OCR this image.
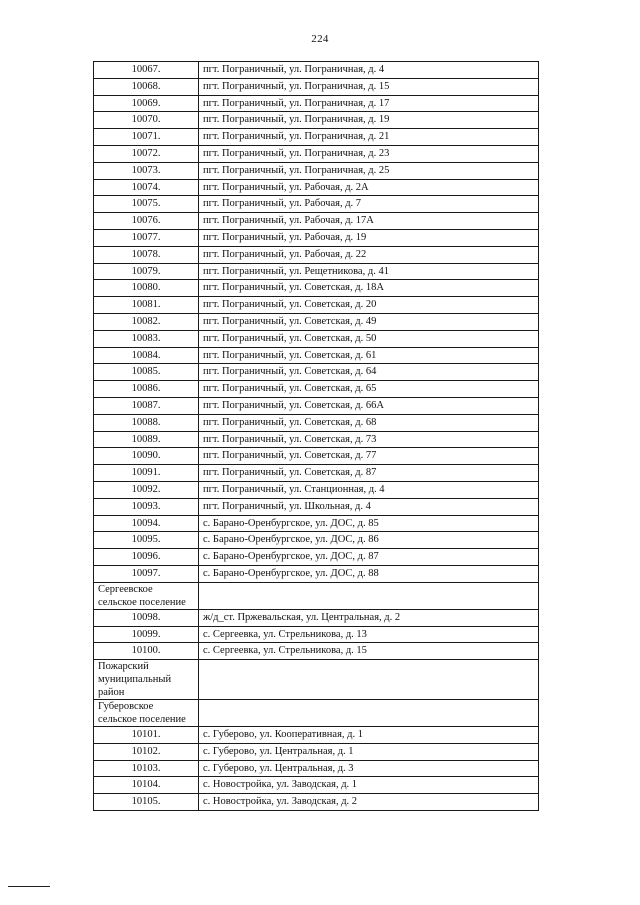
224
10067.	пгт. Пограничный, ул. Пограничная, д. 4
10068.	пгт. Пограничный, ул. Пограничная, д. 15
10069.	пгт. Пограничный, ул. Пограничная, д. 17
10070.	пгт. Пограничный, ул. Пограничная, д. 19
10071.	пгт. Пограничный, ул. Пограничная, д. 21
10072.	пгт. Пограничный, ул. Пограничная, д. 23
10073.	пгт. Пограничный, ул. Пограничная, д. 25
10074.	пгт. Пограничный, ул. Рабочая, д. 2А
10075.	пгт. Пограничный, ул. Рабочая, д. 7
10076.	пгт. Пограничный, ул. Рабочая, д. 17А
10077.	пгт. Пограничный, ул. Рабочая, д. 19
10078.	пгт. Пограничный, ул. Рабочая, д. 22
10079.	пгт. Пограничный, ул. Рещетникова, д. 41
10080.	пгт. Пограничный, ул. Советская, д. 18А
10081.	пгт. Пограничный, ул. Советская, д. 20
10082.	пгт. Пограничный, ул. Советская, д. 49
10083.	пгт. Пограничный, ул. Советская, д. 50
10084.	пгт. Пограничный, ул. Советская, д. 61
10085.	пгт. Пограничный, ул. Советская, д. 64
10086.	пгт. Пограничный, ул. Советская, д. 65
10087.	пгт. Пограничный, ул. Советская, д. 66А
10088.	пгт. Пограничный, ул. Советская, д. 68
10089.	пгт. Пограничный, ул. Советская, д. 73
10090.	пгт. Пограничный, ул. Советская, д. 77
10091.	пгт. Пограничный, ул. Советская, д. 87
10092.	пгт. Пограничный, ул. Станционная, д. 4
10093.	пгт. Пограничный, ул. Школьная, д. 4
10094.	с. Барано-Оренбургское, ул. ДОС, д. 85
10095.	с. Барано-Оренбургское, ул. ДОС, д. 86
10096.	с. Барано-Оренбургское, ул. ДОС, д. 87
10097.	с. Барано-Оренбургское, ул. ДОС, д. 88
Сергеевское сельское поселение	
10098.	ж/д_ст. Пржевальская, ул. Центральная, д. 2
10099.	с. Сергеевка, ул. Стрельникова, д. 13
10100.	с. Сергеевка, ул. Стрельникова, д. 15
Пожарский муниципальный район	
Губеровское сельское поселение	
10101.	с. Губерово, ул. Кооперативная, д. 1
10102.	с. Губерово, ул. Центральная, д. 1
10103.	с. Губерово, ул. Центральная, д. 3
10104.	с. Новостройка, ул. Заводская, д. 1
10105.	с. Новостройка, ул. Заводская, д. 2
